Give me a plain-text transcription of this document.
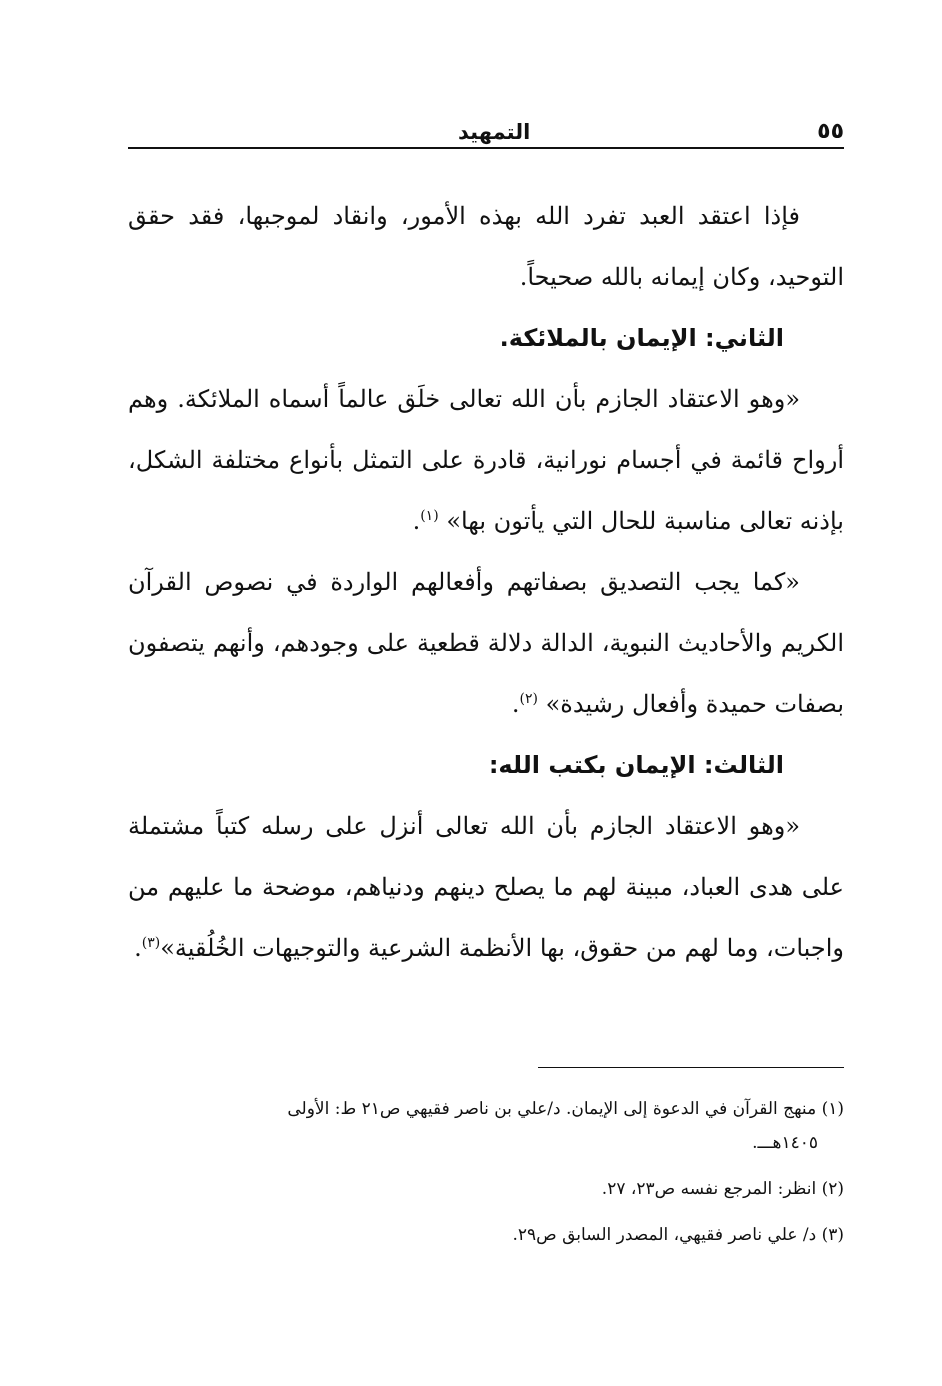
٥٥
التمهيد

فإذا اعتقد العبد تفرد الله بهذه الأمور، وانقاد لموجبها، فقد حقق التوحيد، وكان إيمانه بالله صحيحاً.

الثاني: الإيمان بالملائكة.

«وهو الاعتقاد الجازم بأن الله تعالى خلَق عالماً أسماه الملائكة. وهم أرواح قائمة في أجسام نورانية، قادرة على التمثل بأنواع مختلفة الشكل، بإذنه تعالى مناسبة للحال التي يأتون بها» $^{(١)}$.

«كما يجب التصديق بصفاتهم وأفعالهم الواردة في نصوص القرآن الكريم والأحاديث النبوية، الدالة دلالة قطعية على وجودهم، وأنهم يتصفون بصفات حميدة وأفعال رشيدة» $^{(٢)}$.

الثالث: الإيمان بكتب الله:

«وهو الاعتقاد الجازم بأن الله تعالى أنزل على رسله كتباً مشتملة على هدى العباد، مبينة لهم ما يصلح دينهم ودنياهم، موضحة ما عليهم من واجبات، وما لهم من حقوق، بها الأنظمة الشرعية والتوجيهات الخُلُقية»$^{(٣)}$.

(١) منهج القرآن في الدعوة إلى الإيمان. د/علي بن ناصر فقيهي ص٢١ ط: الأولى

١٤٠٥هـــ.

(٢) انظر: المرجع نفسه ص٢٣، ٢٧.

(٣) د/ علي ناصر فقيهي، المصدر السابق ص٢٩.
